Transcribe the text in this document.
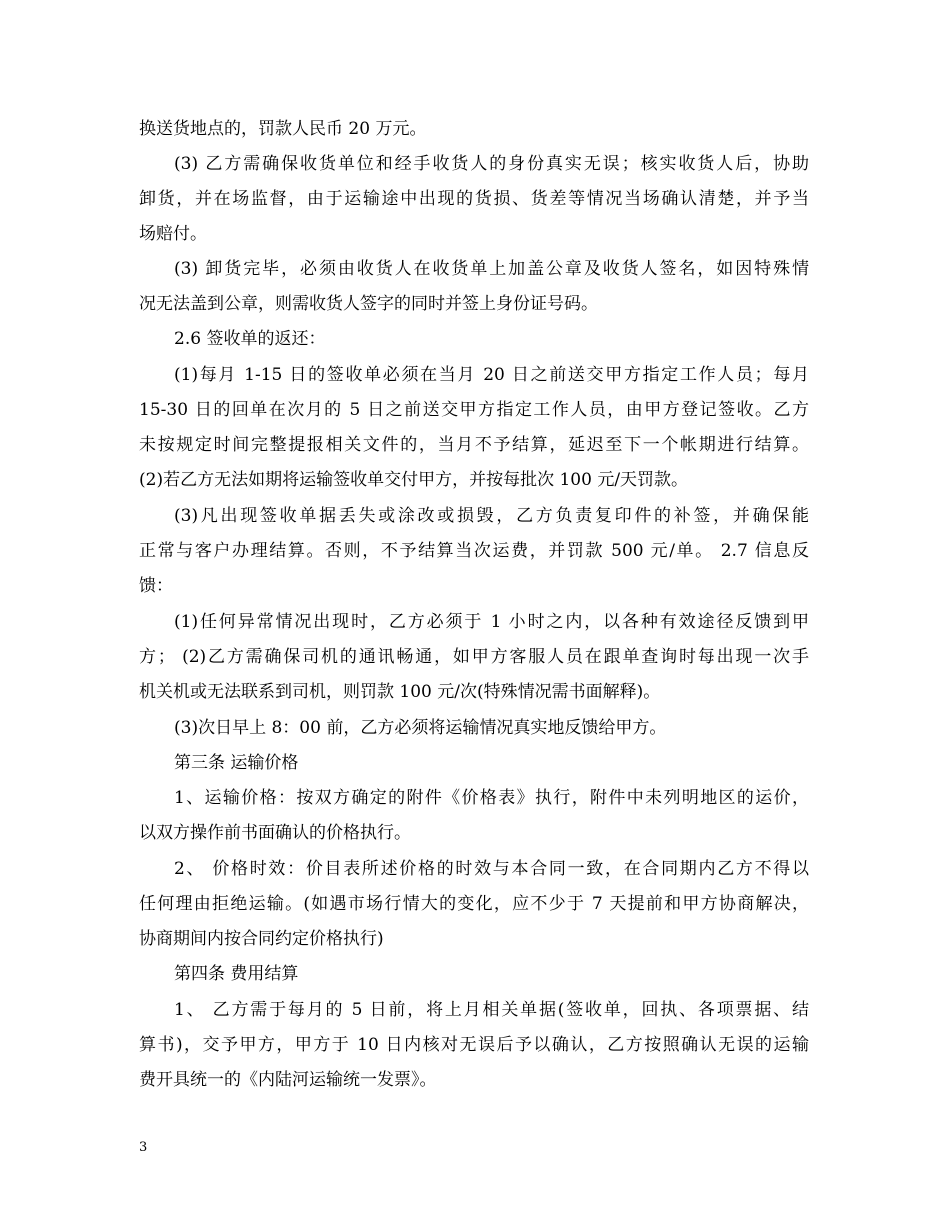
换送货地点的，罚款人民币 20 万元。
(3) 乙方需确保收货单位和经手收货人的身份真实无误；核实收货人后，协助
卸货，并在场监督，由于运输途中出现的货损、货差等情况当场确认清楚，并予当
场赔付。
(3) 卸货完毕，必须由收货人在收货单上加盖公章及收货人签名，如因特殊情
况无法盖到公章，则需收货人签字的同时并签上身份证号码。
2.6 签收单的返还：
(1)每月 1-15 日的签收单必须在当月 20 日之前送交甲方指定工作人员；每月
15-30 日的回单在次月的 5 日之前送交甲方指定工作人员，由甲方登记签收。乙方
未按规定时间完整提报相关文件的，当月不予结算，延迟至下一个帐期进行结算。
(2)若乙方无法如期将运输签收单交付甲方，并按每批次 100 元/天罚款。
(3)凡出现签收单据丢失或涂改或损毁，乙方负责复印件的补签，并确保能
正常与客户办理结算。否则，不予结算当次运费，并罚款 500 元/单。 2.7 信息反
馈：
(1)任何异常情况出现时，乙方必须于 1 小时之内，以各种有效途径反馈到甲
方； (2)乙方需确保司机的通讯畅通，如甲方客服人员在跟单查询时每出现一次手
机关机或无法联系到司机，则罚款 100 元/次(特殊情况需书面解释)。
(3)次日早上 8：00 前，乙方必须将运输情况真实地反馈给甲方。
第三条 运输价格
1、运输价格：按双方确定的附件《价格表》执行，附件中未列明地区的运价，
以双方操作前书面确认的价格执行。
2、 价格时效：价目表所述价格的时效与本合同一致，在合同期内乙方不得以
任何理由拒绝运输。(如遇市场行情大的变化，应不少于 7 天提前和甲方协商解决，
协商期间内按合同约定价格执行)
第四条 费用结算
1、 乙方需于每月的 5 日前，将上月相关单据(签收单，回执、各项票据、结
算书)，交予甲方，甲方于 10 日内核对无误后予以确认，乙方按照确认无误的运输
费开具统一的《内陆河运输统一发票》。
3
